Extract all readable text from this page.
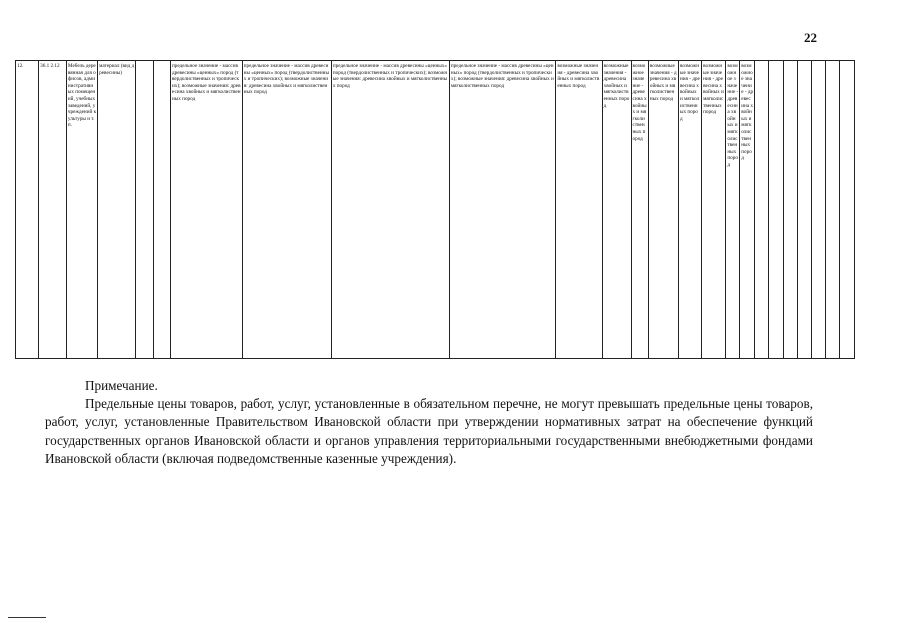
22
12.	36.1 2.12	Мебель деревянная для офисов, административных помещений, учебных заведений, учреждений культуры и т.п.	материал (вид древесины)			предельное значение - массив древесины «ценных» пород (твердолиственных и тропических); возможные значения: древесина хвойных и мягколиственных пород	предельное значение - массив древесины «ценных» пород (твердолиственных и тропических); возможные значения: древесина хвойных и мягколиственных пород	предельное значение - массив древесины «ценных» пород (твердолиственных и тропических); возможные значения: древесина хвойных и мягколиственных пород	предельное значение - массив древесины «ценных» пород (твердолиственных и тропических); возможные значения: древесина хвойных и мягколиственных пород	возможные значения - древесина хвойных и мягколиственных пород	возможные значения - древесина хвойных и мягколиственных пород	возможное значение - древесина хвойных и мягколиственных пород	возможные значения - древесина хвойных и мягколиственных пород	возможные значения - древесина хвойных и мягколиственных пород	возможные значения - древесина хвойных и мягколиственных пород	возможное значение - древесина хвойных и мягколиственных пород	возможное значение - древесина хвойных и мягколиственных пород							
Примечание.
Предельные цены товаров, работ, услуг, установленные в обязательном перечне, не могут превышать предельные цены товаров, работ, услуг, установленные Правительством Ивановской области при утверждении нормативных затрат на обеспечение функций государственных органов Ивановской области и органов управления территориальными государственными внебюджетными фондами Ивановской области (включая подведомственные казенные учреждения).
